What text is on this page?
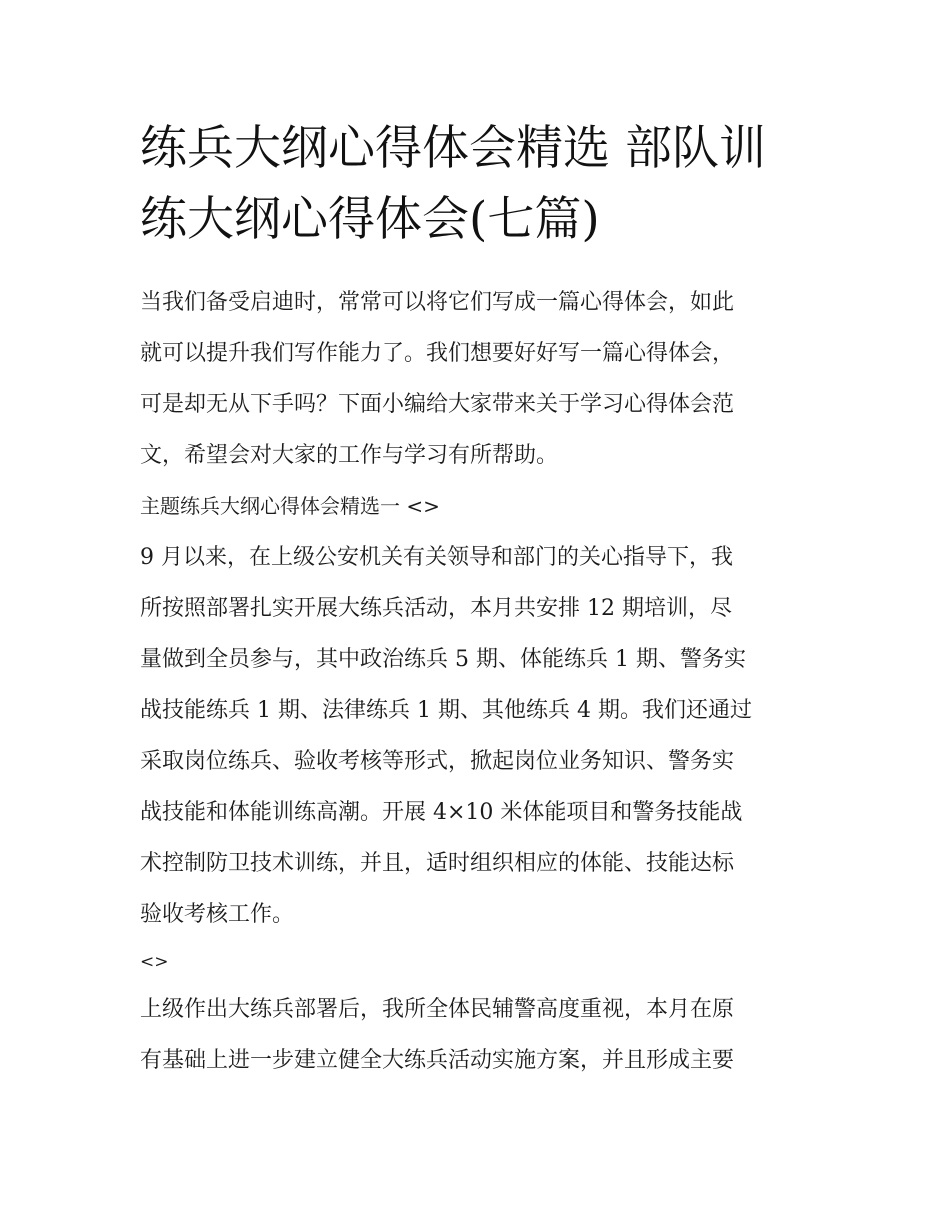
练兵大纲心得体会精选 部队训
练大纲心得体会(七篇)

当我们备受启迪时，常常可以将它们写成一篇心得体会，如此
就可以提升我们写作能力了。我们想要好好写一篇心得体会，
可是却无从下手吗？下面小编给大家带来关于学习心得体会范
文，希望会对大家的工作与学习有所帮助。

主题练兵大纲心得体会精选一 <>

9 月以来，在上级公安机关有关领导和部门的关心指导下，我
所按照部署扎实开展大练兵活动，本月共安排 12 期培训，尽
量做到全员参与，其中政治练兵 5 期、体能练兵 1 期、警务实
战技能练兵 1 期、法律练兵 1 期、其他练兵 4 期。我们还通过
采取岗位练兵、验收考核等形式，掀起岗位业务知识、警务实
战技能和体能训练高潮。开展 4×10 米体能项目和警务技能战
术控制防卫技术训练，并且，适时组织相应的体能、技能达标
验收考核工作。

<>

上级作出大练兵部署后，我所全体民辅警高度重视，本月在原
有基础上进一步建立健全大练兵活动实施方案，并且形成主要
